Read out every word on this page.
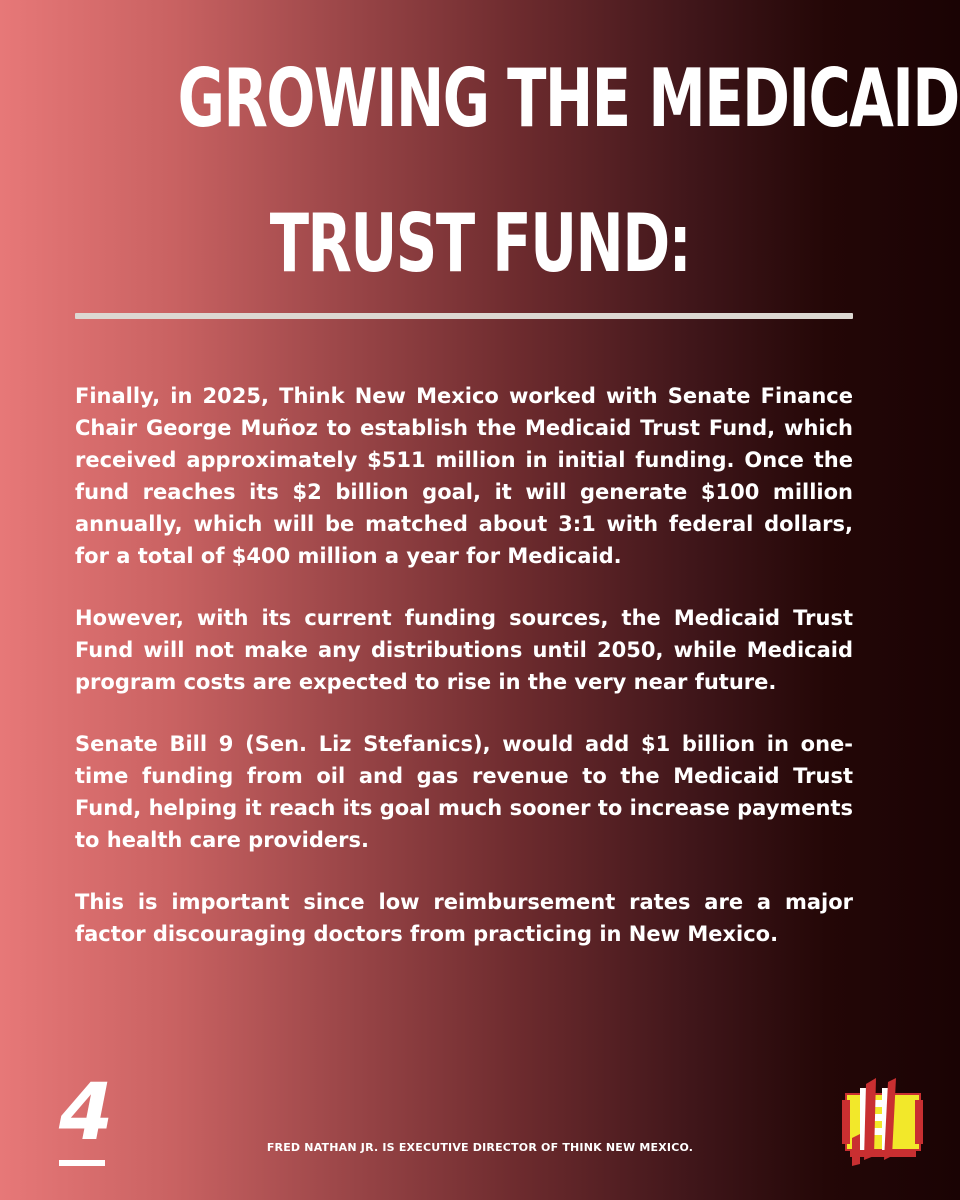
GROWING THE MEDICAID
TRUST FUND:

Finally, in 2025, Think New Mexico worked with Senate Finance Chair George Muñoz to establish the Medicaid Trust Fund, which received approximately $511 million in initial funding. Once the fund reaches its $2 billion goal, it will generate $100 million annually, which will be matched about 3:1 with federal dollars, for a total of $400 million a year for Medicaid.

However, with its current funding sources, the Medicaid Trust Fund will not make any distributions until 2050, while Medicaid program costs are expected to rise in the very near future.

Senate Bill 9 (Sen. Liz Stefanics), would add $1 billion in one-time funding from oil and gas revenue to the Medicaid Trust Fund, helping it reach its goal much sooner to increase payments to health care providers.

This is important since low reimbursement rates are a major factor discouraging doctors from practicing in New Mexico.

4	FRED NATHAN JR. IS EXECUTIVE DIRECTOR OF THINK NEW MEXICO.
